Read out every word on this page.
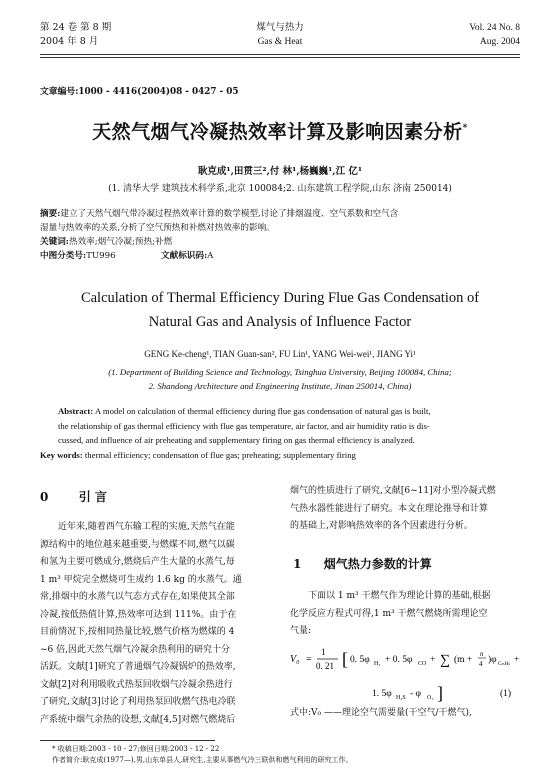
第 24 卷 第 8 期
2004 年 8 月
煤气与热力
Gas & Heat
Vol. 24 No. 8
Aug. 2004
文章编号:1000 - 4416(2004)08 - 0427 - 05
天然气烟气冷凝热效率计算及影响因素分析*
耿克成¹,田贯三²,付 林¹,杨巍巍¹,江 亿¹
(1. 清华大学 建筑技术科学系,北京 100084;2. 山东建筑工程学院,山东 济南 250014)
摘要:建立了天然气烟气带冷凝过程热效率计算的数学模型,讨论了排烟温度、空气系数和空气含
湿量与热效率的关系,分析了空气预热和补燃对热效率的影响。
关键词:热效率;烟气冷凝;预热;补燃
中图分类号:TU996	文献标识码:A
Calculation of Thermal Efficiency During Flue Gas Condensation of
Natural Gas and Analysis of Influence Factor
GENG Ke-cheng¹, TIAN Guan-san², FU Lin¹, YANG Wei-wei¹, JIANG Yi¹
(1. Department of Building Science and Technology, Tsinghua University, Beijing 100084, China;
2. Shandong Architecture and Engineering Institute, Jinan 250014, China)
Abstract: A model on calculation of thermal efficiency during flue gas condensation of natural gas is built,
the relationship of gas thermal efficiency with flue gas temperature, air factor, and air humidity ratio is dis-
cussed, and influence of air preheating and supplementary firing on gas thermal efficiency is analyzed.
Key words: thermal efficiency; condensation of flue gas; preheating; supplementary firing
0	引 言
近年来,随着西气东输工程的实施,天然气在能
源结构中的地位越来越重要,与燃煤不同,燃气以碳
和氢为主要可燃成分,燃烧后产生大量的水蒸气,每
1 m³ 甲烷完全燃烧可生成约 1.6 kg 的水蒸气。通
常,排烟中的水蒸气以气态方式存在,如果使其全部
冷凝,按低热值计算,热效率可达到 111%。由于在
目前情况下,按相同热量比较,燃气价格为燃煤的 4
~6 倍,因此天然气烟气冷凝余热利用的研究十分
活跃。文献[1]研究了普通烟气冷凝锅炉的热效率,
文献[2]对利用吸收式热泵回收烟气冷凝余热进行
了研究,文献[3]讨论了利用热泵回收燃气热电冷联
产系统中烟气余热的设想,文献[4,5]对燃气燃烧后
烟气的性质进行了研究,文献[6~11]对小型冷凝式燃
气热水器性能进行了研究。本文在理论推导和计算
的基础上,对影响热效率的各个因素进行分析。
1 烟气热力参数的计算
下面以 1 m³ 干燃气作为理论计算的基础,根据
化学反应方程式可得,1 m³ 干燃气燃烧所需理论空
气量:
V₀ =
1
0. 21 [ 0. 5φ H₂ + 0. 5φ CO + ∑ (m +
n
4 )φ CₘHₙ +
1. 5φ H₂S - φ O₂ ]	(1)
式中:V₀ ——理论空气需要量(干空气/干燃气),
* 收稿日期:2003 - 10 - 27;修回日期:2003 - 12 - 22
作者简介:耿克成(1977—),男,山东单县人,研究生,主要从事燃气冷三联供和燃气利用的研究工作。
